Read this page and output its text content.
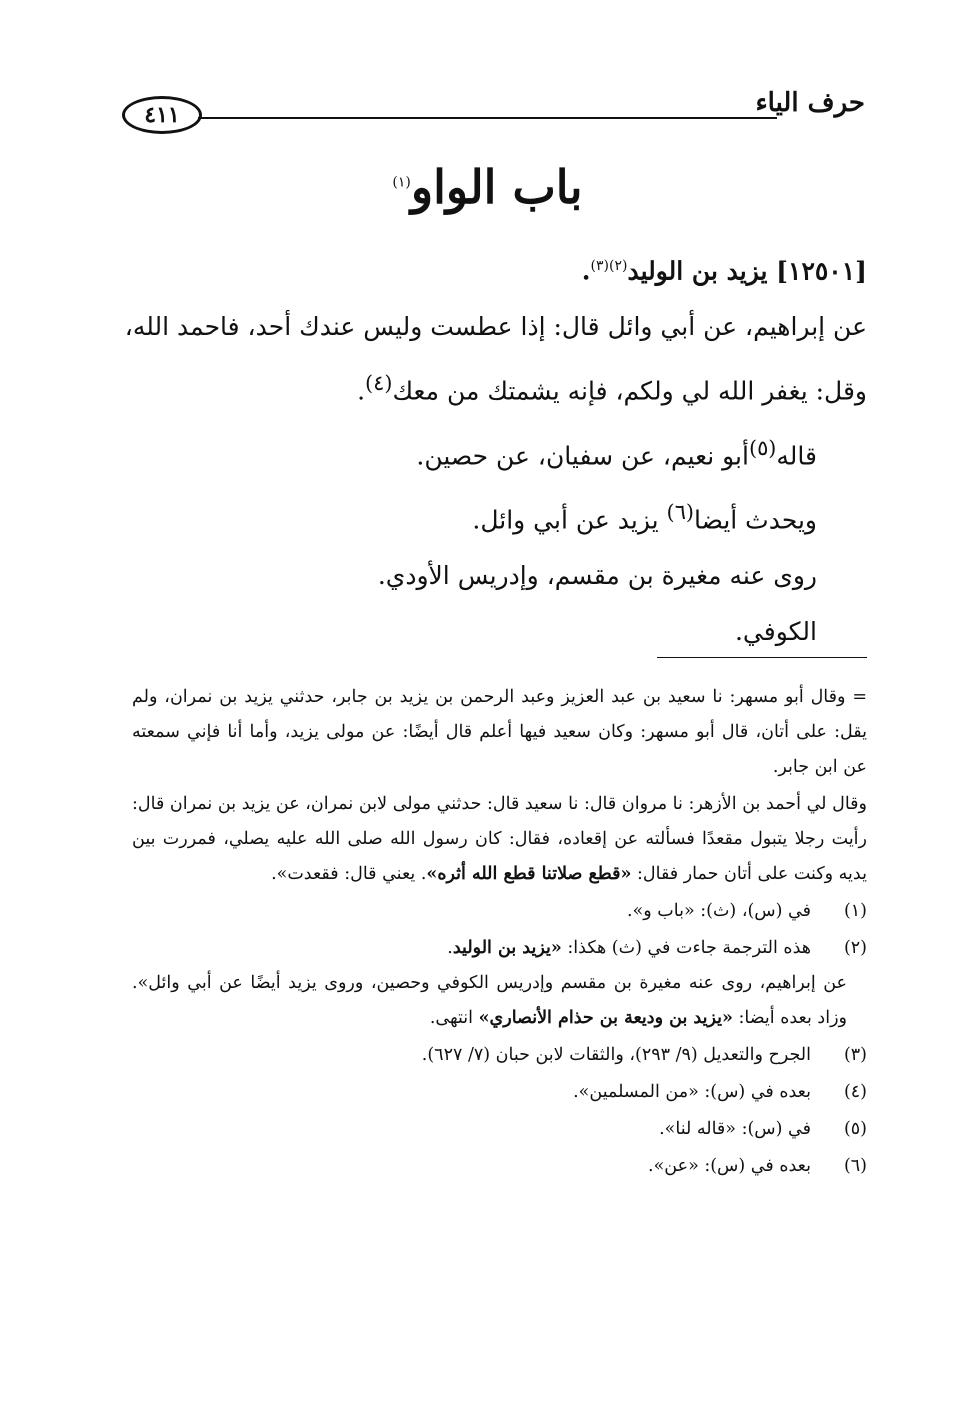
حرف الياء
٤١١
باب الواو$^{(١)}$
[١٢٥٠١] يزيد بن الوليد$^{(٢)(٣)}$.
عن إبراهيم، عن أبي وائل قال: إذا عطست وليس عندك أحد، فاحمد الله،
وقل: يغفر الله لي ولكم، فإنه يشمتك من معك$^{(٤)}$.
قاله$^{(٥)}$أبو نعيم، عن سفيان، عن حصين.
ويحدث أيضا$^{(٦)}$ يزيد عن أبي وائل.
روى عنه مغيرة بن مقسم، وإدريس الأودي.
الكوفي.
= وقال أبو مسهر: نا سعيد بن عبد العزيز وعبد الرحمن بن يزيد بن جابر، حدثني يزيد بن نمران، ولم يقل: على أتان، قال أبو مسهر: وكان سعيد فيها أعلم قال أيضًا: عن مولى يزيد، وأما أنا فإني سمعته عن ابن جابر.
وقال لي أحمد بن الأزهر: نا مروان قال: نا سعيد قال: حدثني مولى لابن نمران، عن يزيد بن نمران قال: رأيت رجلا يتبول مقعدًا فسألته عن إقعاده، فقال: كان رسول الله صلى الله عليه يصلي، فمررت بين يديه وكنت على أتان حمار فقال: «قطع صلاتنا قطع الله أثره». يعني قال: فقعدت».
(١)
في (س)، (ث): «باب و».
(٢)
هذه الترجمة جاءت في (ث) هكذا: «يزيد بن الوليد.
عن إبراهيم، روى عنه مغيرة بن مقسم وإدريس الكوفي وحصين، وروى يزيد أيضًا عن أبي وائل». وزاد بعده أيضا: «يزيد بن وديعة بن حذام الأنصاري» انتهى.
(٣)
الجرح والتعديل (٩/ ٢٩٣)، والثقات لابن حبان (٧/ ٦٢٧).
(٤)
بعده في (س): «من المسلمين».
(٥)
في (س): «قاله لنا».
(٦)
بعده في (س): «عن».
